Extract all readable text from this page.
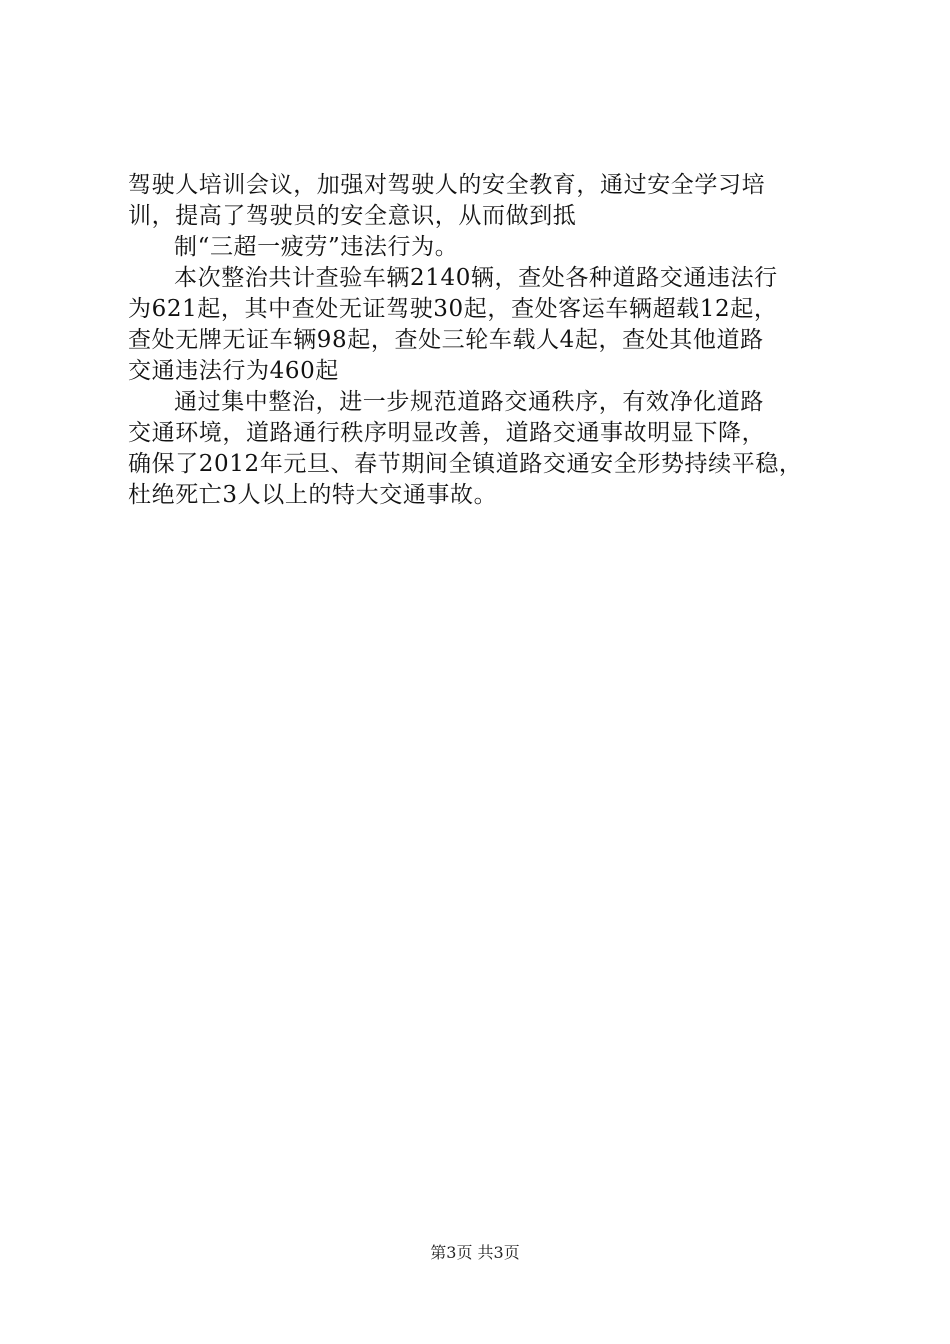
驾驶人培训会议，加强对驾驶人的安全教育，通过安全学习培
训，提高了驾驶员的安全意识，从而做到抵
制“三超一疲劳”违法行为。
本次整治共计查验车辆2140辆，查处各种道路交通违法行
为621起，其中查处无证驾驶30起，查处客运车辆超载12起，
查处无牌无证车辆98起，查处三轮车载人4起，查处其他道路
交通违法行为460起
通过集中整治，进一步规范道路交通秩序，有效净化道路
交通环境，道路通行秩序明显改善，道路交通事故明显下降，
确保了2012年元旦、春节期间全镇道路交通安全形势持续平稳，
杜绝死亡3人以上的特大交通事故。
第3页 共3页
